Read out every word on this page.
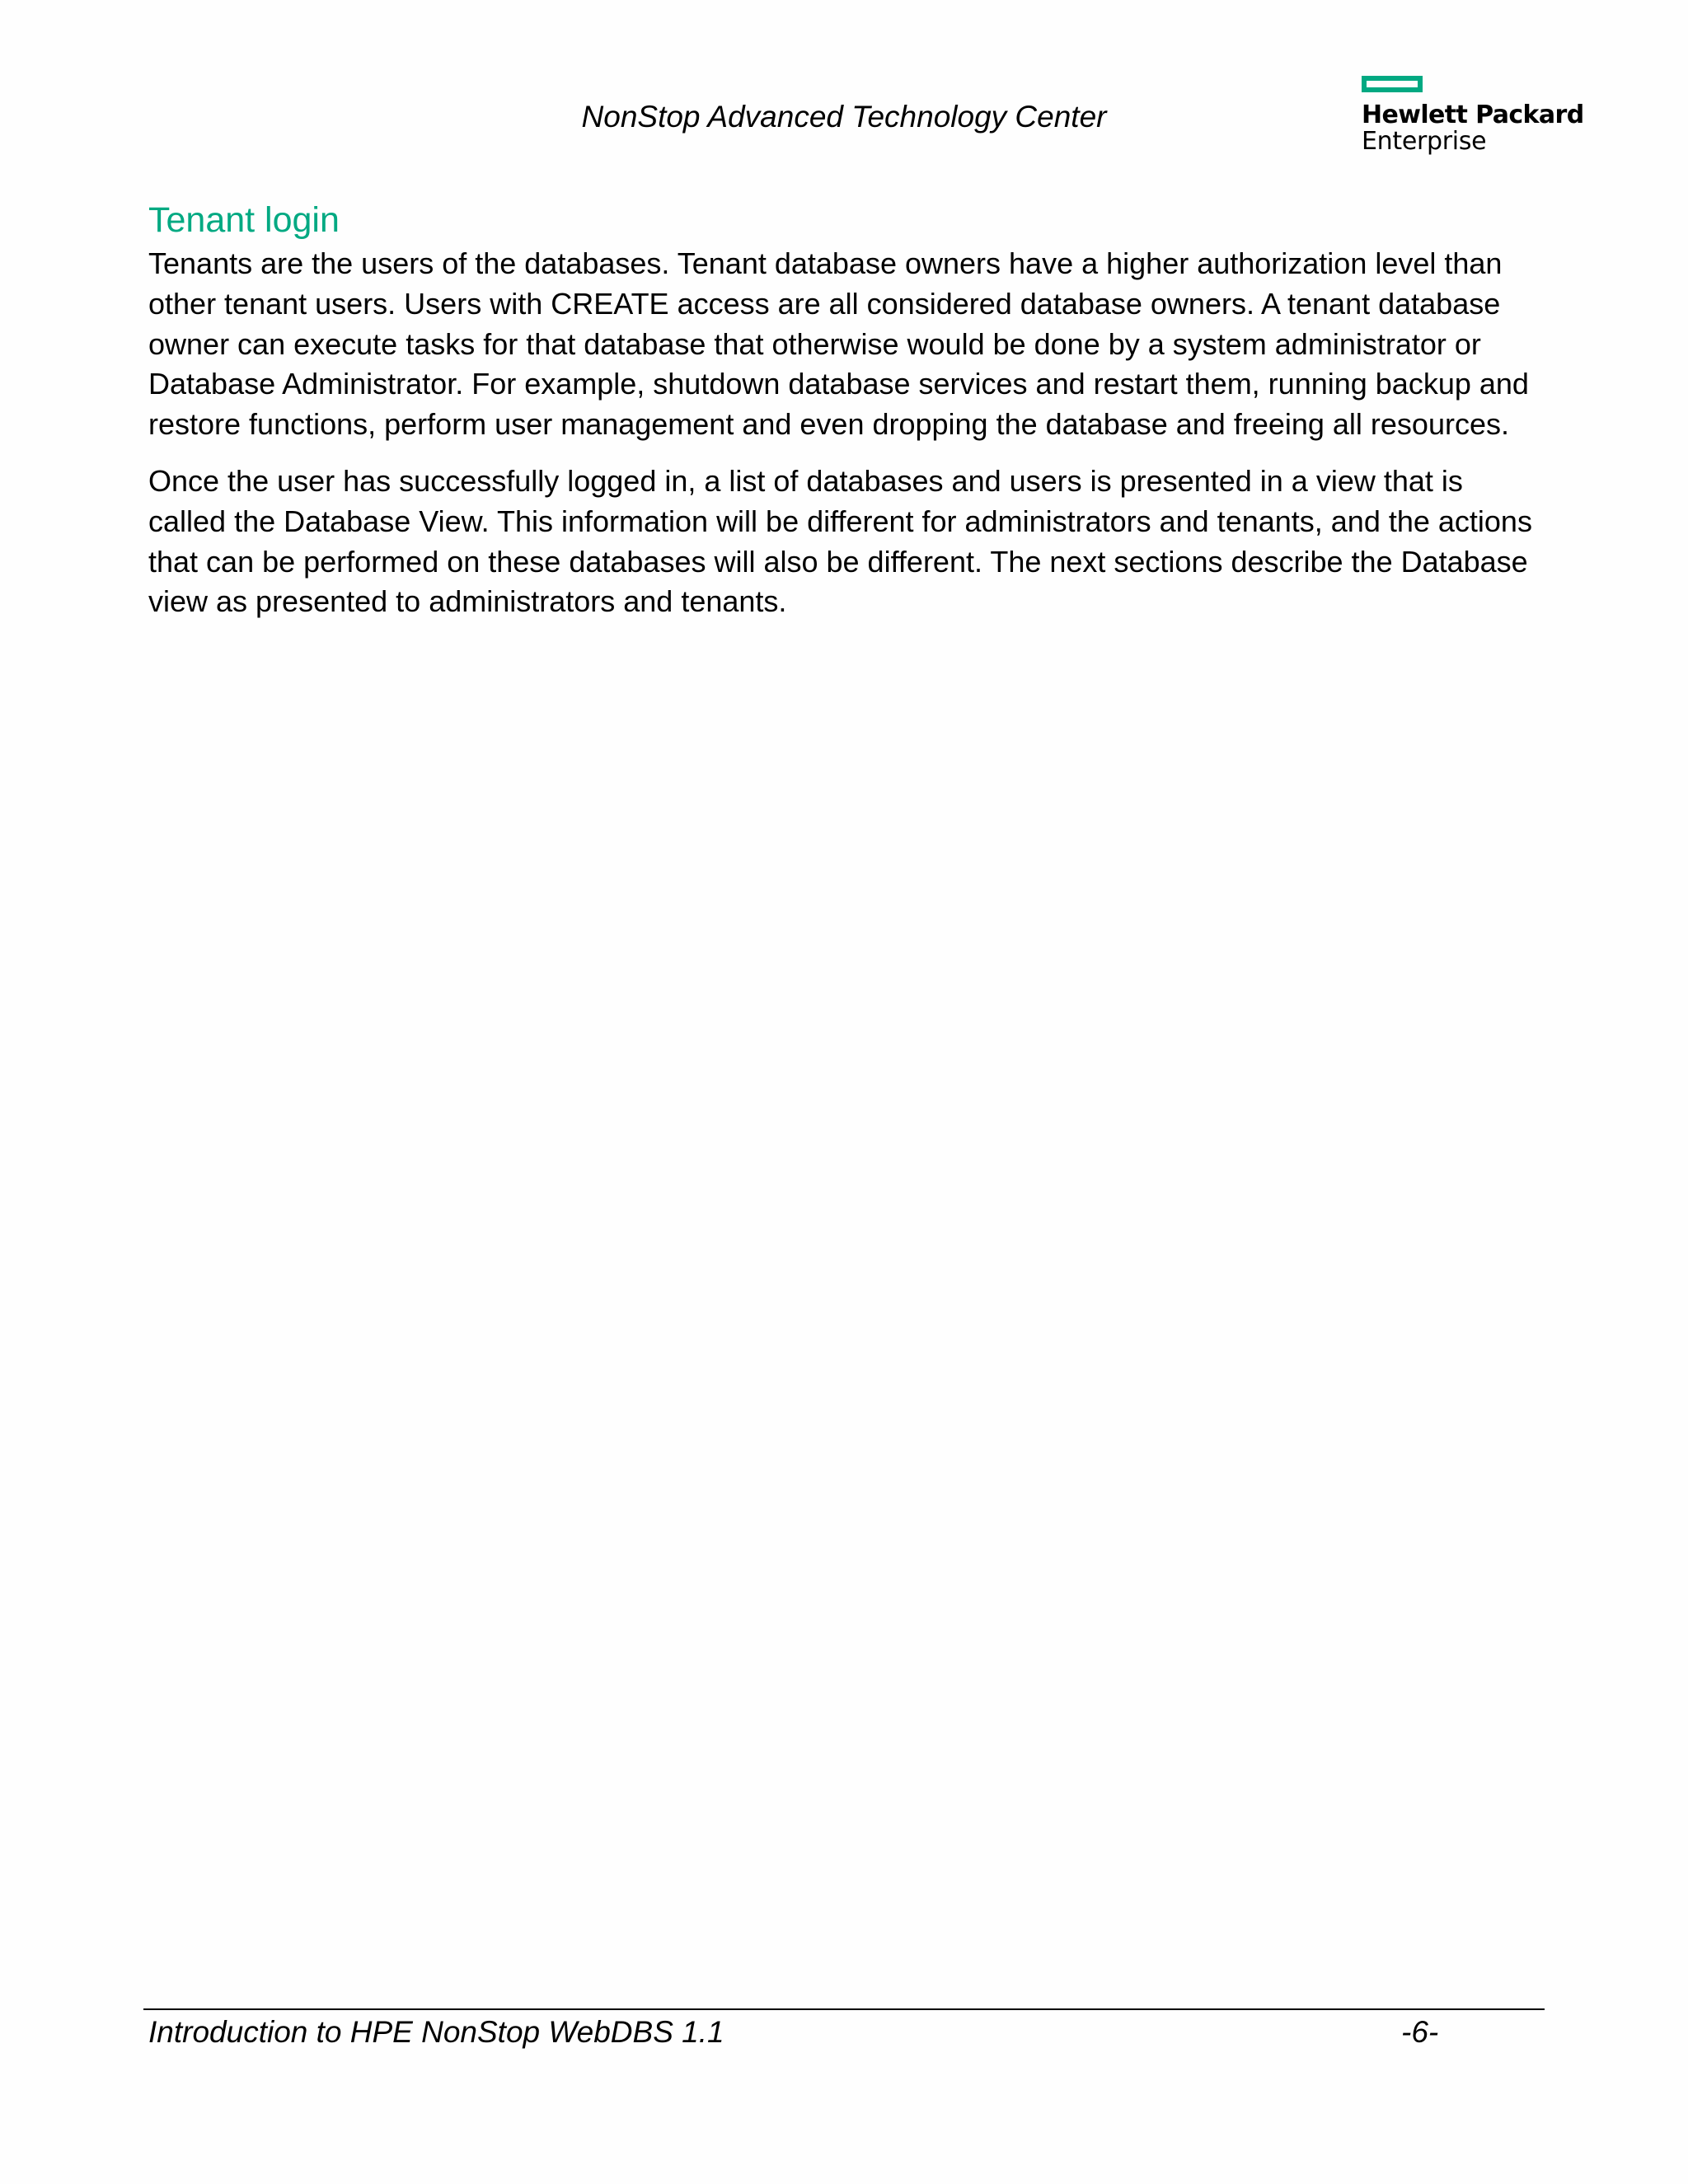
NonStop Advanced Technology Center	Hewlett Packard
Enterprise
Tenant login

Tenants are the users of the databases. Tenant database owners have a higher authorization level than other tenant users. Users with CREATE access are all considered database owners. A tenant database owner can execute tasks for that database that otherwise would be done by a system administrator or Database Administrator. For example, shutdown database services and restart them, running backup and restore functions, perform user management and even dropping the database and freeing all resources.

Once the user has successfully logged in, a list of databases and users is presented in a view that is called the Database View. This information will be different for administrators and tenants, and the actions that can be performed on these databases will also be different. The next sections describe the Database view as presented to administrators and tenants.

Introduction to HPE NonStop WebDBS 1.1	-6-
